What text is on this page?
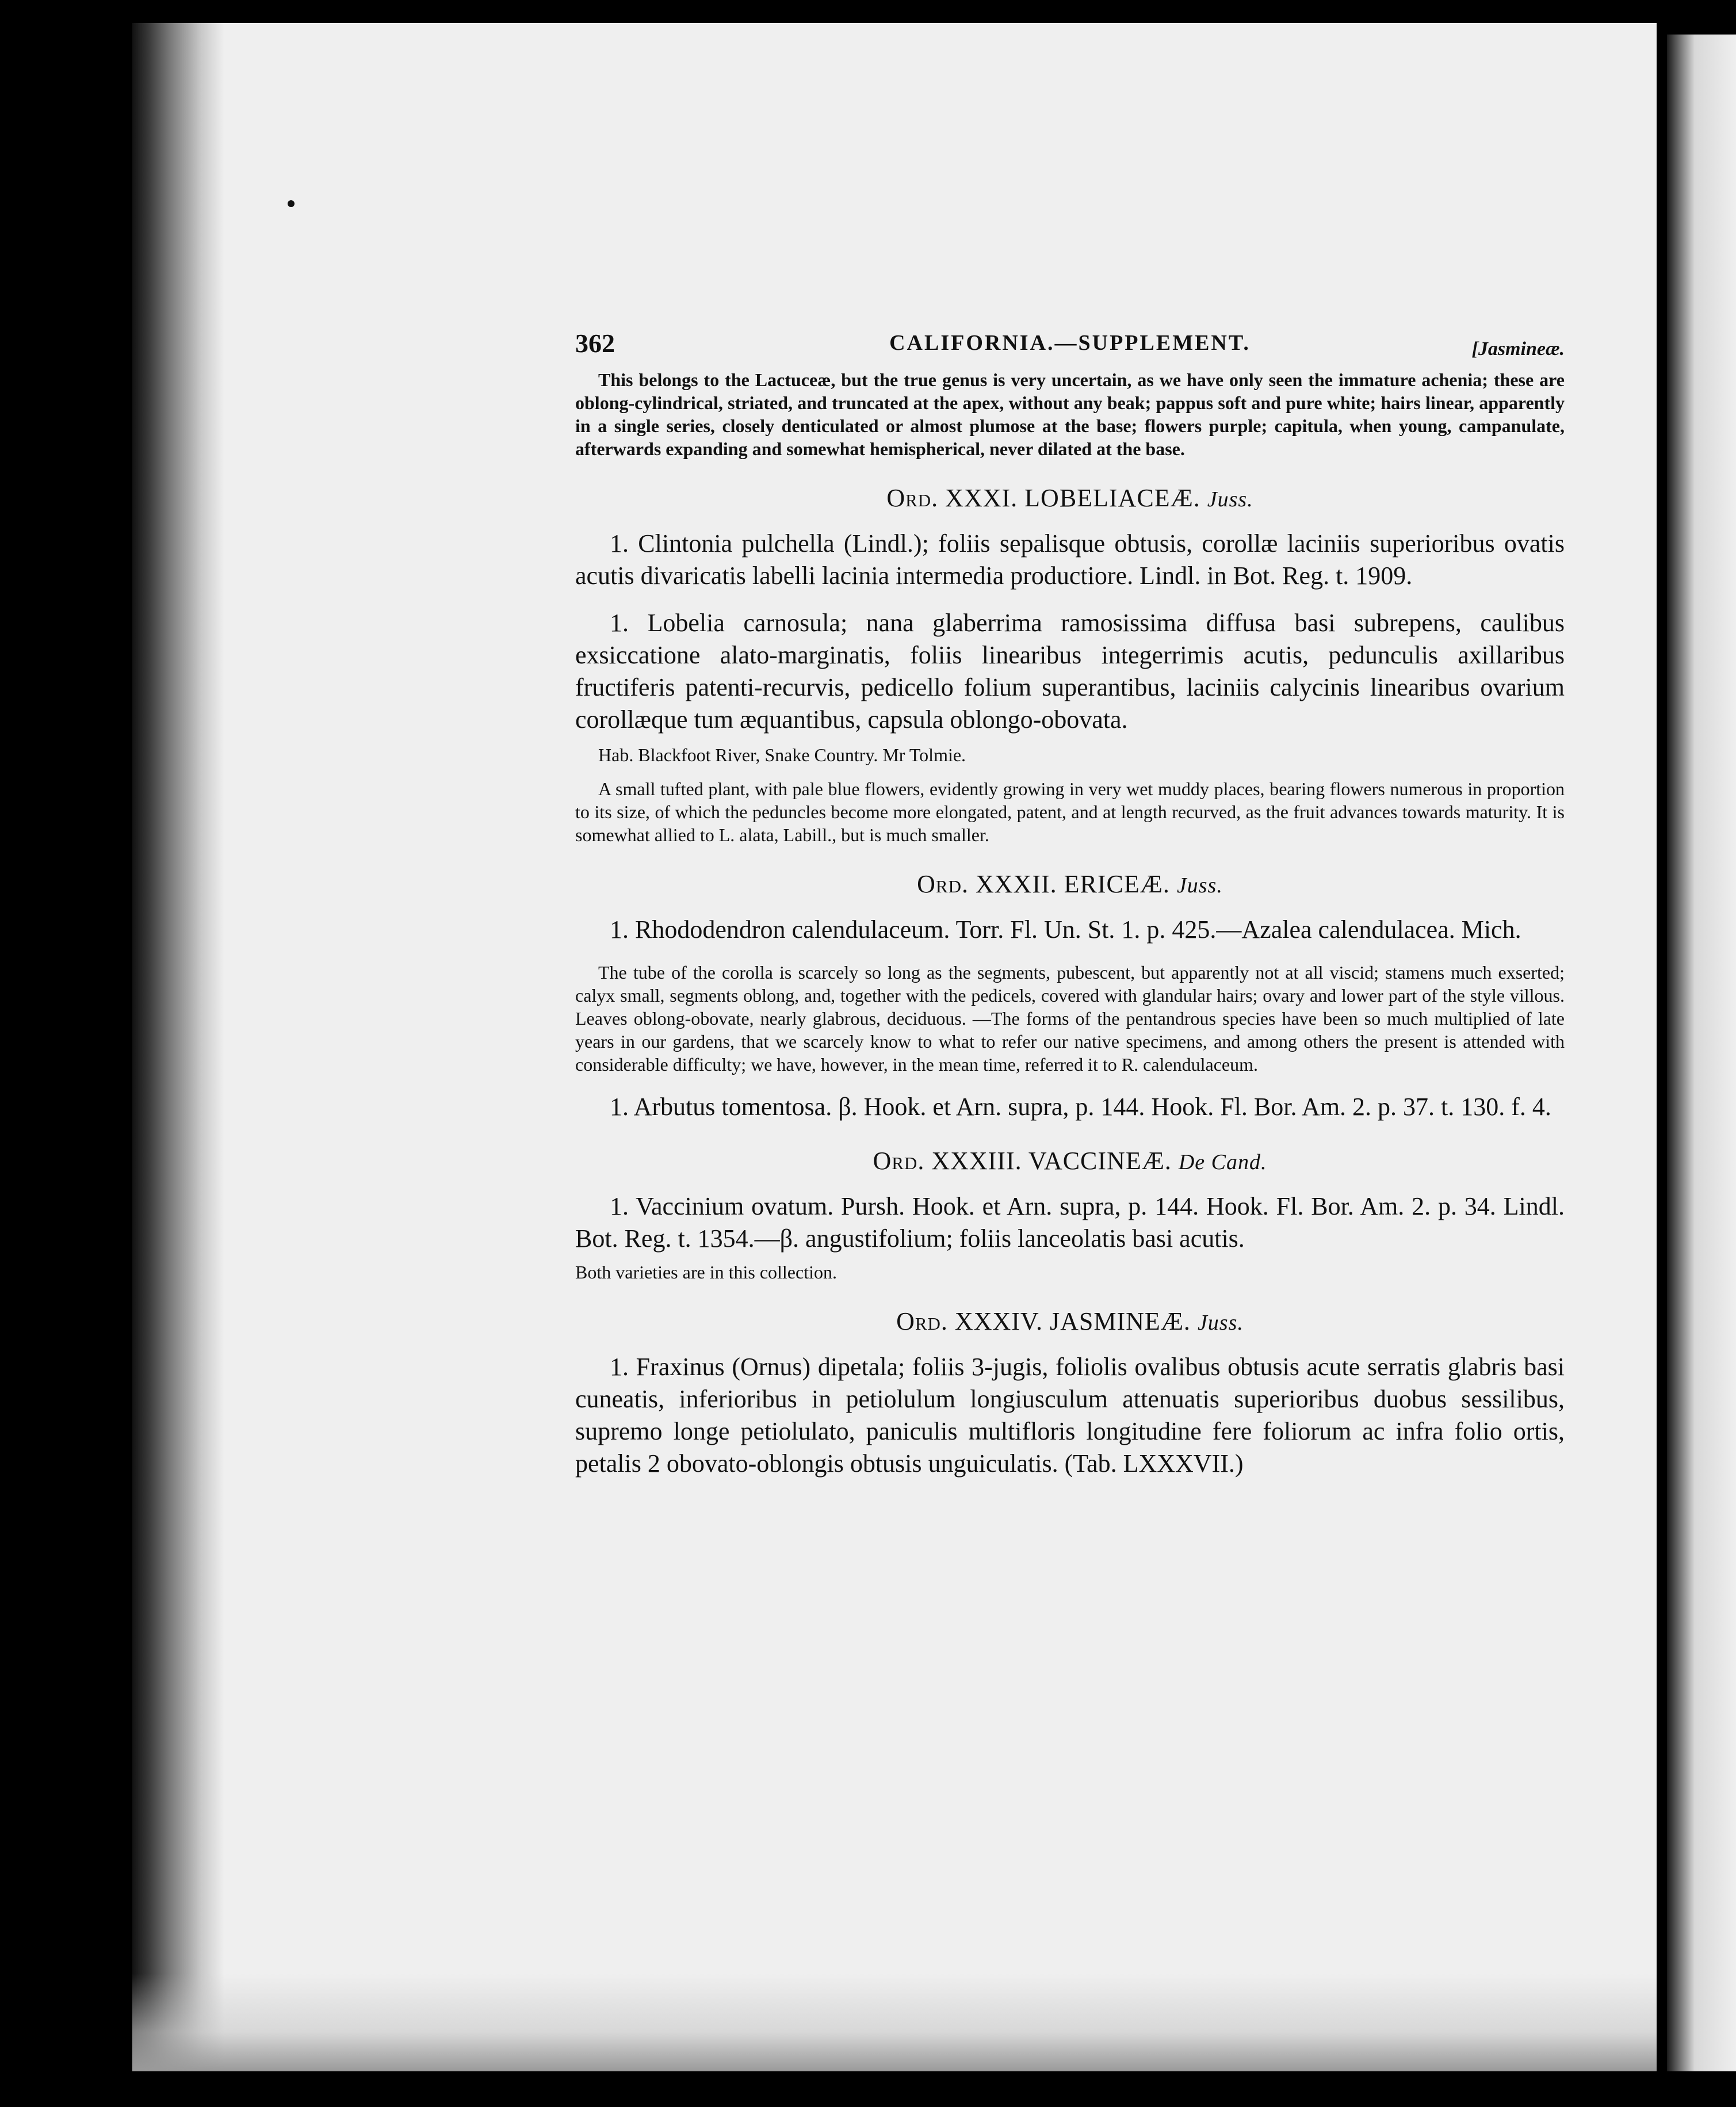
362	CALIFORNIA.—SUPPLEMENT.	[Jasmineæ.

This belongs to the Lactuceæ, but the true genus is very uncertain, as we have only seen the immature achenia; these are oblong-cylindrical, striated, and truncated at the apex, without any beak; pappus soft and pure white; hairs linear, apparently in a single series, closely denticulated or almost plumose at the base; flowers purple; capitula, when young, campanulate, afterwards expanding and somewhat hemispherical, never dilated at the base.

Ord. XXXI. LOBELIACEÆ. Juss.

1. Clintonia pulchella (Lindl.); foliis sepalisque obtusis, corollæ laciniis superioribus ovatis acutis divaricatis labelli lacinia intermedia productiore. Lindl. in Bot. Reg. t. 1909.

1. Lobelia carnosula; nana glaberrima ramosissima diffusa basi subrepens, caulibus exsiccatione alato-marginatis, foliis linearibus integerrimis acutis, pedunculis axillaribus fructiferis patenti-recurvis, pedicello folium superantibus, laciniis calycinis linearibus ovarium corollæque tum æquantibus, capsula oblongo-obovata.

Hab. Blackfoot River, Snake Country. Mr Tolmie.

A small tufted plant, with pale blue flowers, evidently growing in very wet muddy places, bearing flowers numerous in proportion to its size, of which the peduncles become more elongated, patent, and at length recurved, as the fruit advances towards maturity. It is somewhat allied to L. alata, Labill., but is much smaller.

Ord. XXXII. ERICEÆ. Juss.

1. Rhododendron calendulaceum. Torr. Fl. Un. St. 1. p. 425.—Azalea calendulacea. Mich.

The tube of the corolla is scarcely so long as the segments, pubescent, but apparently not at all viscid; stamens much exserted; calyx small, segments oblong, and, together with the pedicels, covered with glandular hairs; ovary and lower part of the style villous. Leaves oblong-obovate, nearly glabrous, deciduous. —The forms of the pentandrous species have been so much multiplied of late years in our gardens, that we scarcely know to what to refer our native specimens, and among others the present is attended with considerable difficulty; we have, however, in the mean time, referred it to R. calendulaceum.

1. Arbutus tomentosa. β. Hook. et Arn. supra, p. 144. Hook. Fl. Bor. Am. 2. p. 37. t. 130. f. 4.

Ord. XXXIII. VACCINEÆ. De Cand.

1. Vaccinium ovatum. Pursh. Hook. et Arn. supra, p. 144. Hook. Fl. Bor. Am. 2. p. 34. Lindl. Bot. Reg. t. 1354.—β. angustifolium; foliis lanceolatis basi acutis.

Both varieties are in this collection.
Ord. XXXIV. JASMINEÆ. Juss.

1. Fraxinus (Ornus) dipetala; foliis 3-jugis, foliolis ovalibus obtusis acute serratis glabris basi cuneatis, inferioribus in petiolulum longiusculum attenuatis superioribus duobus sessilibus, supremo longe petiolulato, paniculis multifloris longitudine fere foliorum ac infra folio ortis, petalis 2 obovato-oblongis obtusis unguiculatis. (Tab. LXXXVII.)
